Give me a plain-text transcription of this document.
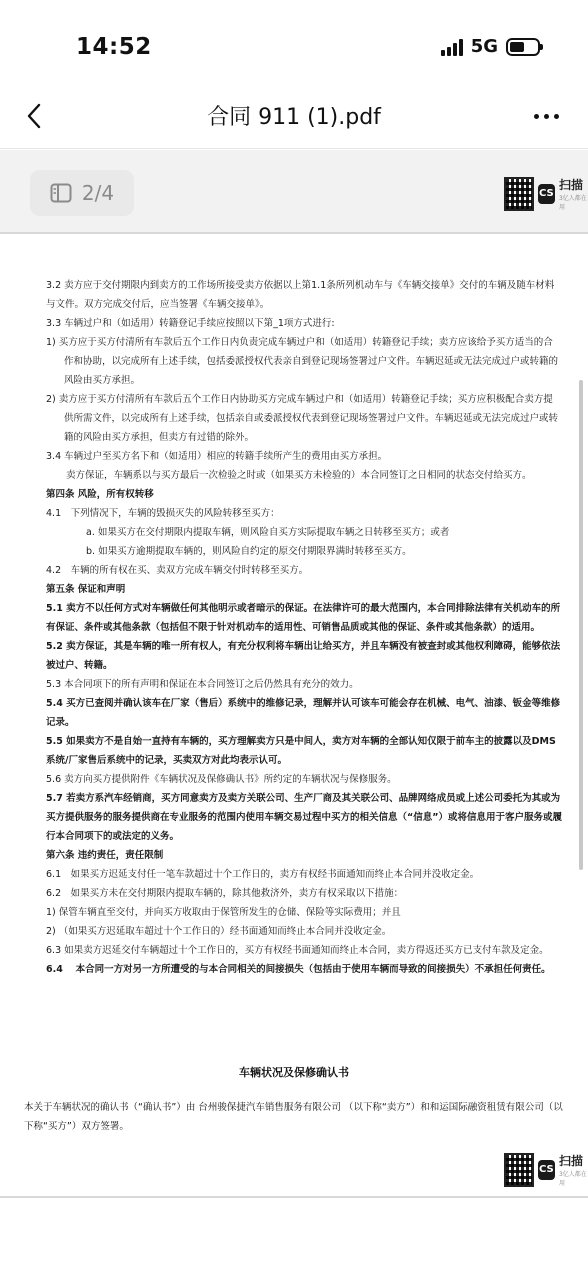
14:52	5G
合同 911 (1).pdf
2/4	CS
扫描
3亿人都在用

3.2 卖方应于交付期限内到卖方的工作场所接受卖方依据以上第1.1条所列机动车与《车辆交接单》交付的车辆及随车材料与文件。双方完成交付后，应当签署《车辆交接单》。

3.3 车辆过户和（如适用）转籍登记手续应按照以下第_1项方式进行:

1) 买方应于买方付清所有车款后五个工作日内负责完成车辆过户和（如适用）转籍登记手续；卖方应该给予买方适当的合作和协助，以完成所有上述手续，包括委派授权代表亲自到登记现场签署过户文件。车辆迟延或无法完成过户或转籍的风险由买方承担。

2) 卖方应于买方付清所有车款后五个工作日内协助买方完成车辆过户和（如适用）转籍登记手续；买方应积极配合卖方提供所需文件，以完成所有上述手续，包括亲自或委派授权代表到登记现场签署过户文件。车辆迟延或无法完成过户或转籍的风险由买方承担，但卖方有过错的除外。

3.4 车辆过户至买方名下和（如适用）相应的转籍手续所产生的费用由买方承担。

卖方保证，车辆系以与买方最后一次检验之时或（如果买方未检验的）本合同签订之日相同的状态交付给买方。

第四条 风险，所有权转移

4.1　下列情况下，车辆的毁损灭失的风险转移至买方：

a. 如果买方在交付期限内提取车辆，则风险自买方实际提取车辆之日转移至买方；或者

b. 如果买方逾期提取车辆的，则风险自约定的原交付期限界满时转移至买方。

4.2　车辆的所有权在买、卖双方完成车辆交付时转移至买方。

第五条 保证和声明

5.1 卖方不以任何方式对车辆做任何其他明示或者暗示的保证。在法律许可的最大范围内，本合同排除法律有关机动车的所有保证、条件或其他条款（包括但不限于针对机动车的适用性、可销售品质或其他的保证、条件或其他条款）的适用。

5.2 卖方保证，其是车辆的唯一所有权人，有充分权利将车辆出让给买方，并且车辆没有被查封或其他权利障碍，能够依法被过户、转籍。

5.3 本合同项下的所有声明和保证在本合同签订之后仍然具有充分的效力。

5.4 买方已查阅并确认该车在厂家（售后）系统中的维修记录，理解并认可该车可能会存在机械、电气、油漆、钣金等维修记录。

5.5 如果卖方不是自始一直持有车辆的，买方理解卖方只是中间人，卖方对车辆的全部认知仅限于前车主的披露以及DMS系统/厂家售后系统中的记录，买卖双方对此均表示认可。

5.6 卖方向买方提供附件《车辆状况及保修确认书》所约定的车辆状况与保修服务。

5.7 若卖方系汽车经销商，买方同意卖方及卖方关联公司、生产厂商及其关联公司、品牌网络成员或上述公司委托为其或为买方提供服务的服务提供商在专业服务的范围内使用车辆交易过程中买方的相关信息（“信息”）或将信息用于客户服务或履行本合同项下的或法定的义务。

第六条 违约责任，责任限制

6.1　如果买方迟延支付任一笔车款超过十个工作日的，卖方有权经书面通知而终止本合同并没收定金。

6.2　如果买方未在交付期限内提取车辆的，除其他救济外，卖方有权采取以下措施：

1) 保管车辆直至交付，并向买方收取由于保管所发生的仓储、保险等实际费用；并且

2) （如果买方迟延取车超过十个工作日的）经书面通知而终止本合同并没收定金。

6.3 如果卖方迟延交付车辆超过十个工作日的，买方有权经书面通知而终止本合同，卖方得返还买方已支付车款及定金。

6.4　 本合同一方对另一方所遭受的与本合同相关的间接损失（包括由于使用车辆而导致的间接损失）不承担任何责任。

CS
扫描
3亿人都在用
车辆状况及保修确认书
本关于车辆状况的确认书（“确认书”）由 台州骏保捷汽车销售服务有限公司 （以下称“卖方”）和和运国际融资租赁有限公司（以下称“买方”）双方签署。
